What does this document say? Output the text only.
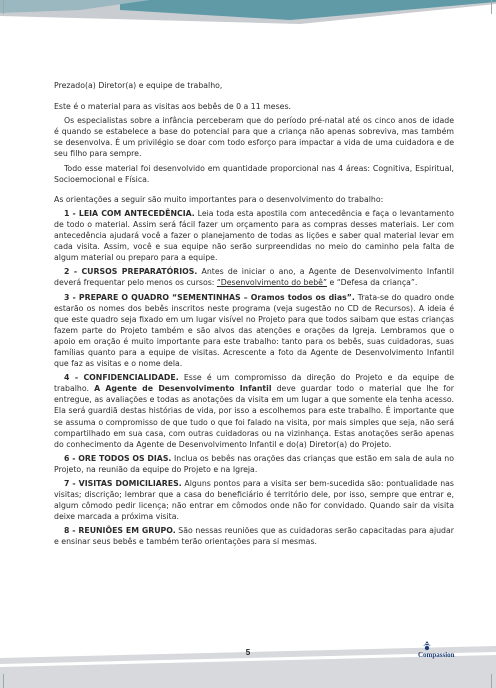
Prezado(a) Diretor(a) e equipe de trabalho,

Este é o material para as visitas aos bebês de 0 a 11 meses.

Os especialistas sobre a infância perceberam que do período pré-natal até os cinco anos de idade é quando se estabelece a base do potencial para que a criança não apenas sobreviva, mas também se desenvolva. É um privilégio se doar com todo esforço para impactar a vida de uma cuidadora e de seu filho para sempre.

Todo esse material foi desenvolvido em quantidade proporcional nas 4 áreas: Cognitiva, Espiritual, Socioemocional e Física.

As orientações a seguir são muito importantes para o desenvolvimento do trabalho:

1 - LEIA COM ANTECEDÊNCIA. Leia toda esta apostila com antecedência e faça o levantamento de todo o material. Assim será fácil fazer um orçamento para as compras desses materiais. Ler com antecedência ajudará você a fazer o planejamento de todas as lições e saber qual material levar em cada visita. Assim, você e sua equipe não serão surpreendidas no meio do caminho pela falta de algum material ou preparo para a equipe.

2 - CURSOS PREPARATÓRIOS. Antes de iniciar o ano, a Agente de Desenvolvimento Infantil deverá frequentar pelo menos os cursos: “Desenvolvimento do bebê” e “Defesa da criança”.

3 - PREPARE O QUADRO “SEMENTINHAS – Oramos todos os dias”. Trata-se do quadro onde estarão os nomes dos bebês inscritos neste programa (veja sugestão no CD de Recursos). A ideia é que este quadro seja fixado em um lugar visível no Projeto para que todos saibam que estas crianças fazem parte do Projeto também e são alvos das atenções e orações da Igreja. Lembramos que o apoio em oração é muito importante para este trabalho: tanto para os bebês, suas cuidadoras, suas famílias quanto para a equipe de visitas. Acrescente a foto da Agente de Desenvolvimento Infantil que faz as visitas e o nome dela.

4 - CONFIDENCIALIDADE. Esse é um compromisso da direção do Projeto e da equipe de trabalho. A Agente de Desenvolvimento Infantil deve guardar todo o material que lhe for entregue, as avaliações e todas as anotações da visita em um lugar a que somente ela tenha acesso. Ela será guardiã destas histórias de vida, por isso a escolhemos para este trabalho. É importante que se assuma o compromisso de que tudo o que foi falado na visita, por mais simples que seja, não será compartilhado em sua casa, com outras cuidadoras ou na vizinhança. Estas anotações serão apenas do conhecimento da Agente de Desenvolvimento Infantil e do(a) Diretor(a) do Projeto.

6 - ORE TODOS OS DIAS. Inclua os bebês nas orações das crianças que estão em sala de aula no Projeto, na reunião da equipe do Projeto e na Igreja.

7 - VISITAS DOMICILIARES. Alguns pontos para a visita ser bem-sucedida são: pontualidade nas visitas; discrição; lembrar que a casa do beneficiário é território dele, por isso, sempre que entrar e, algum cômodo pedir licença; não entrar em cômodos onde não for convidado. Quando sair da visita deixe marcada a próxima visita.

8 - REUNIÕES EM GRUPO. São nessas reuniões que as cuidadoras serão capacitadas para ajudar e ensinar seus bebês e também terão orientações para si mesmas.

5	Compassion
